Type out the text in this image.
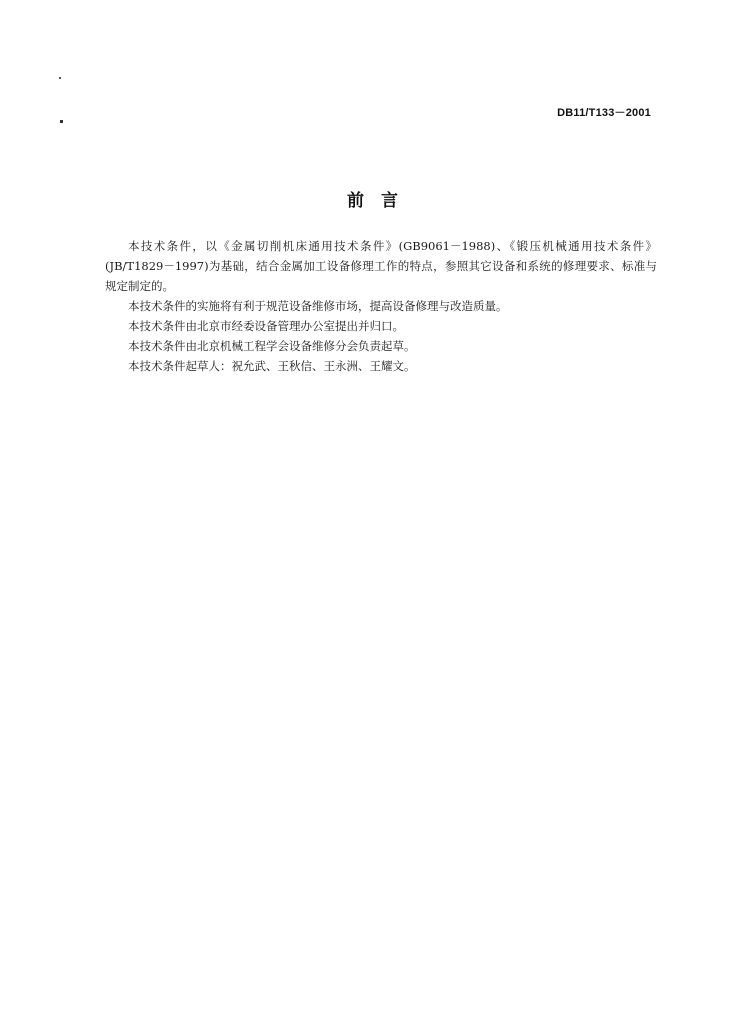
DB11/T133－2001
前　言

本技术条件，以《金属切削机床通用技术条件》(GB9061－1988)、《锻压机械通用技术条件》(JB/T1829－1997)为基础，结合金属加工设备修理工作的特点，参照其它设备和系统的修理要求、标准与规定制定的。

本技术条件的实施将有利于规范设备维修市场，提高设备修理与改造质量。

本技术条件由北京市经委设备管理办公室提出并归口。

本技术条件由北京机械工程学会设备维修分会负责起草。

本技术条件起草人：祝允武、王秋信、王永洲、王耀文。
